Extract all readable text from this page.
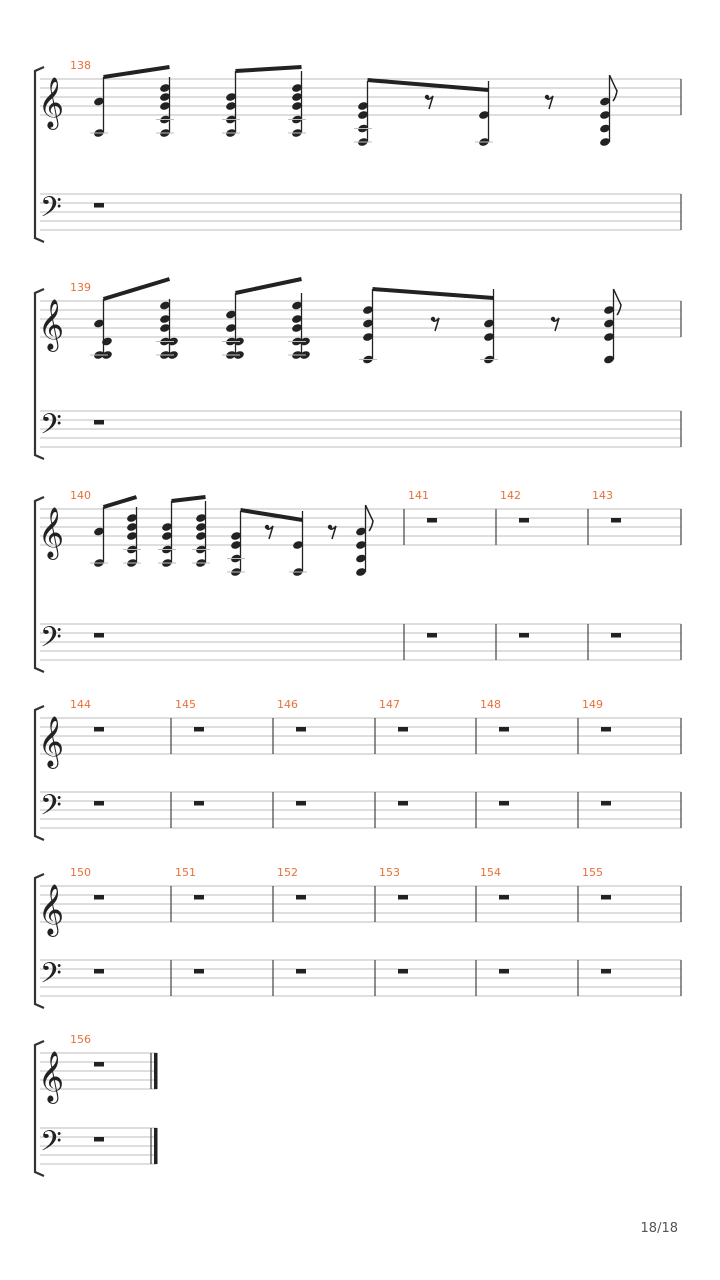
𝄞
𝄢
138
𝄞
𝄢
139
𝄞
𝄢
140	141	142	143
𝄞
𝄢
144	145	146	147	148	149
𝄞
𝄢
150	151	152	153	154	155
𝄞
𝄢
156
18/18
